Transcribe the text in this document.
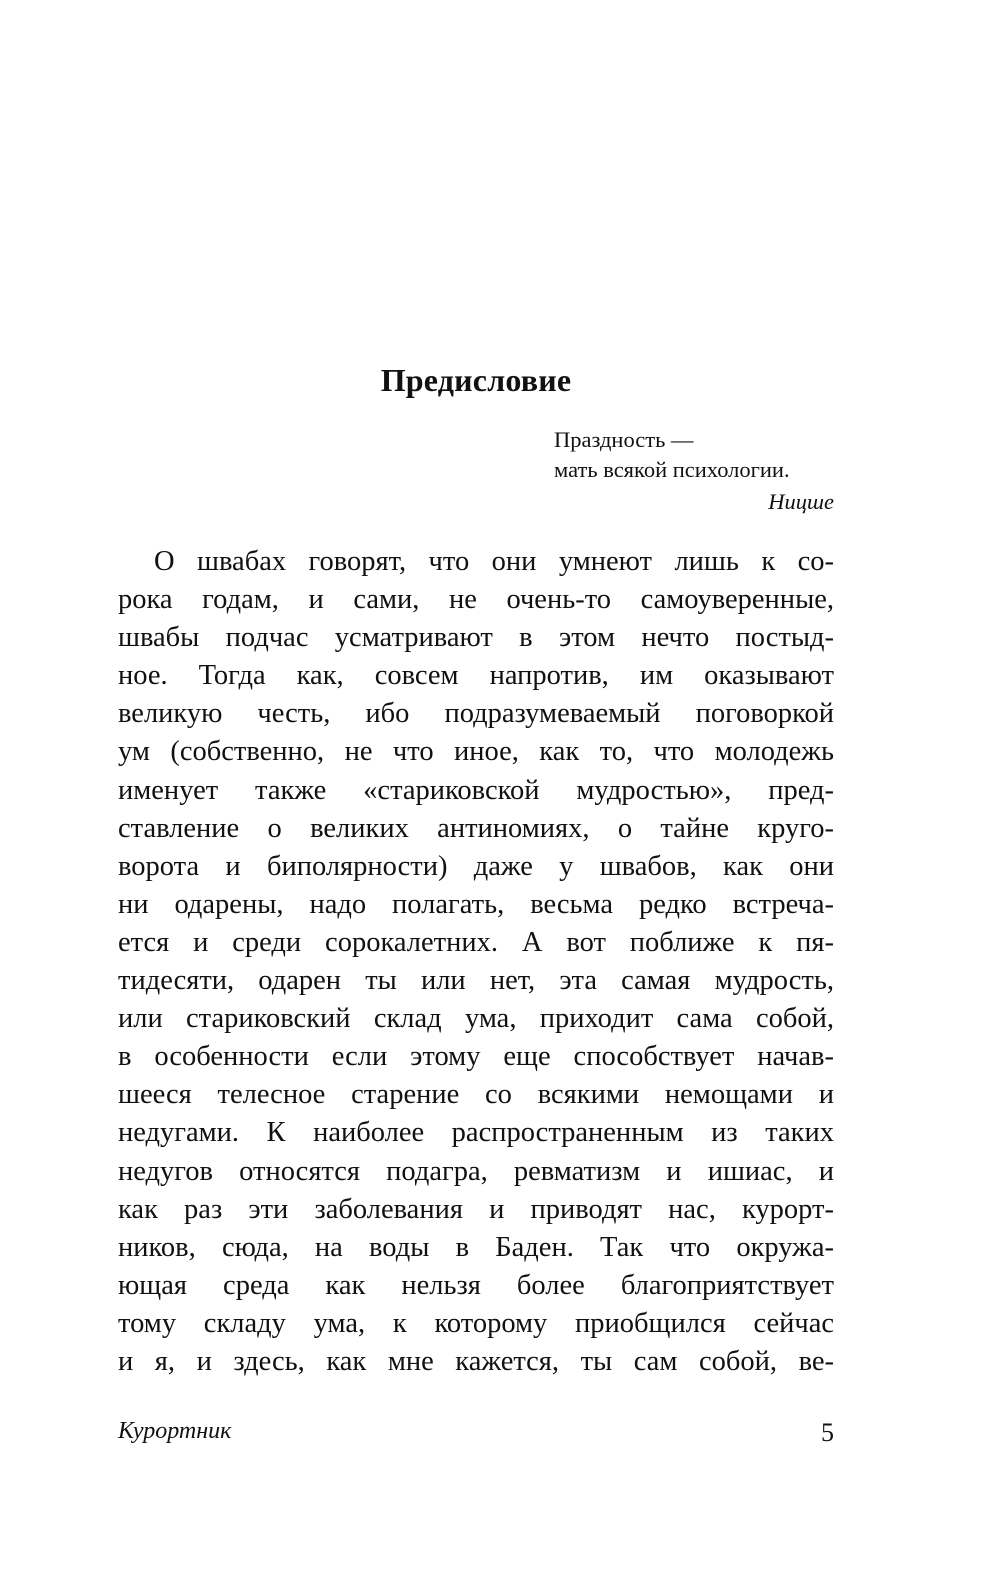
Предисловие
Праздность —
мать всякой психологии.
Ницше
О швабах говорят, что они умнеют лишь к со-
рока годам, и сами, не очень-то самоуверенные,
швабы подчас усматривают в этом нечто постыд-
ное. Тогда как, совсем напротив, им оказывают
великую честь, ибо подразумеваемый поговоркой
ум (собственно, не что иное, как то, что молодежь
именует также «стариковской мудростью», пред-
ставление о великих антиномиях, о тайне круго-
ворота и биполярности) даже у швабов, как они
ни одарены, надо полагать, весьма редко встреча-
ется и среди сорокалетних. А вот поближе к пя-
тидесяти, одарен ты или нет, эта самая мудрость,
или стариковский склад ума, приходит сама собой,
в особенности если этому еще способствует начав-
шееся телесное старение со всякими немощами и
недугами. К наиболее распространенным из таких
недугов относятся подагра, ревматизм и ишиас, и
как раз эти заболевания и приводят нас, курорт-
ников, сюда, на воды в Баден. Так что окружа-
ющая среда как нельзя более благоприятствует
тому складу ума, к которому приобщился сейчас
и я, и здесь, как мне кажется, ты сам собой, ве-
Курортник	5
